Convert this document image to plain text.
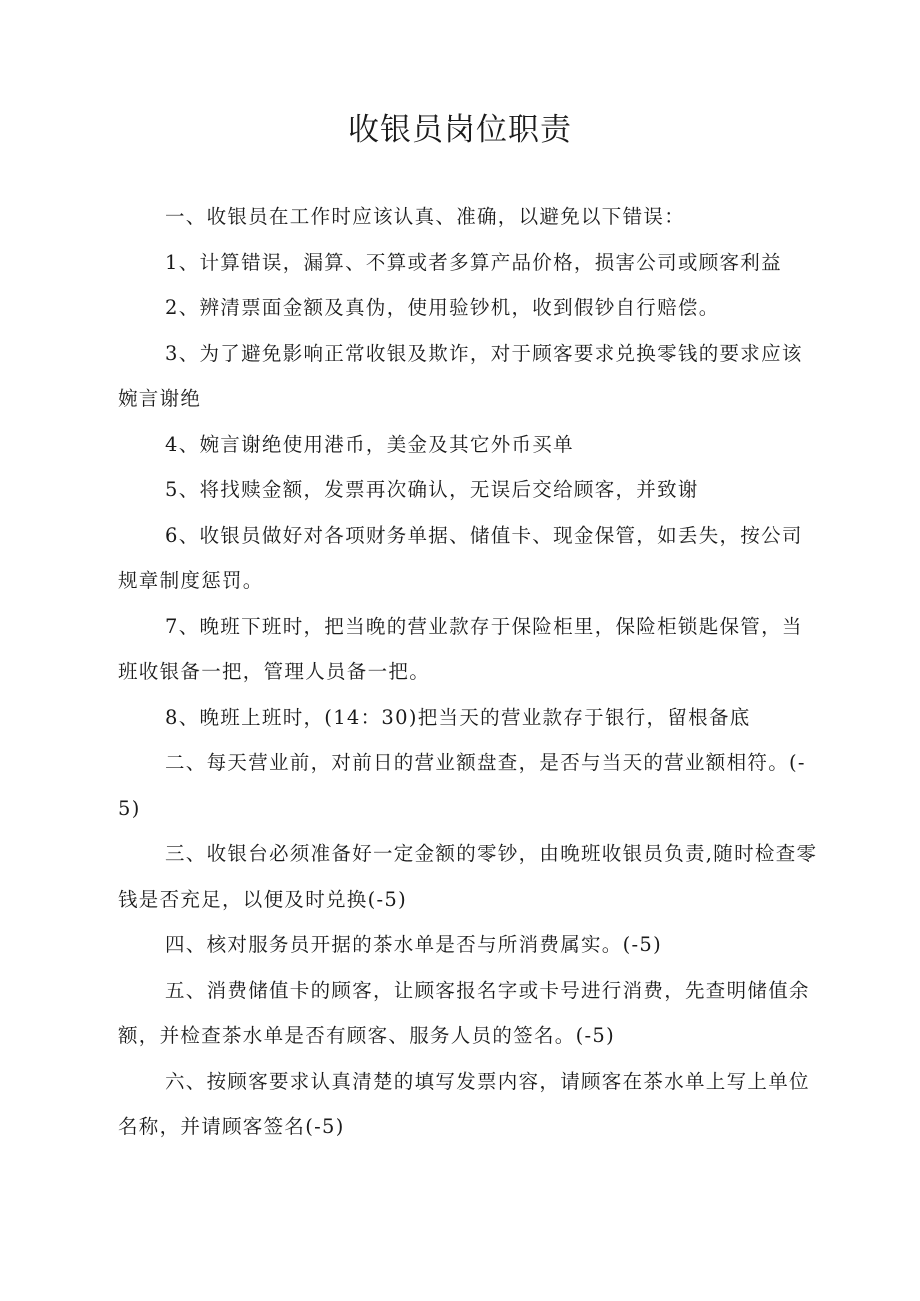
收银员岗位职责

一、收银员在工作时应该认真、准确，以避免以下错误：

1、计算错误，漏算、不算或者多算产品价格，损害公司或顾客利益

2、辨清票面金额及真伪，使用验钞机，收到假钞自行赔偿。

3、为了避免影响正常收银及欺诈，对于顾客要求兑换零钱的要求应该婉言谢绝

4、婉言谢绝使用港币，美金及其它外币买单

5、将找赎金额，发票再次确认，无误后交给顾客，并致谢

6、收银员做好对各项财务单据、储值卡、现金保管，如丢失，按公司规章制度惩罚。

7、晚班下班时，把当晚的营业款存于保险柜里，保险柜锁匙保管，当班收银备一把，管理人员备一把。

8、晚班上班时，(14：30)把当天的营业款存于银行，留根备底

二、每天营业前，对前日的营业额盘查，是否与当天的营业额相符。(-5)

三、收银台必须准备好一定金额的零钞，由晚班收银员负责,随时检查零钱是否充足，以便及时兑换(-5)

四、核对服务员开据的茶水单是否与所消费属实。(-5)

五、消费储值卡的顾客，让顾客报名字或卡号进行消费，先查明储值余额，并检查茶水单是否有顾客、服务人员的签名。(-5)

六、按顾客要求认真清楚的填写发票内容，请顾客在茶水单上写上单位名称，并请顾客签名(-5)
